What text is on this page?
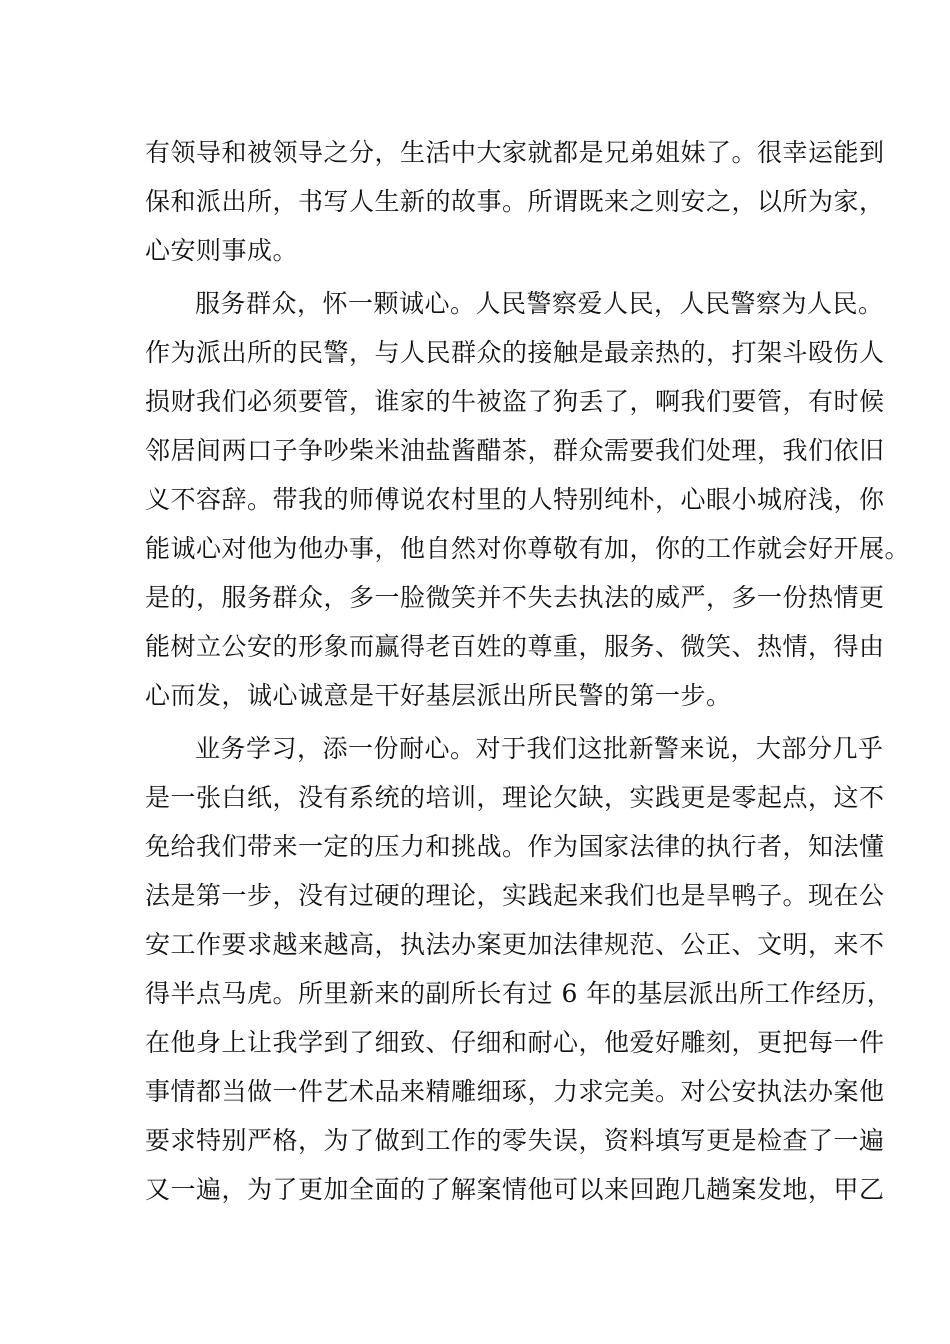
有领导和被领导之分，生活中大家就都是兄弟姐妹了。很幸运能到
保和派出所，书写人生新的故事。所谓既来之则安之，以所为家，
心安则事成。
服务群众，怀一颗诚心。人民警察爱人民，人民警察为人民。
作为派出所的民警，与人民群众的接触是最亲热的，打架斗殴伤人
损财我们必须要管，谁家的牛被盗了狗丢了，啊我们要管，有时候
邻居间两口子争吵柴米油盐酱醋茶，群众需要我们处理，我们依旧
义不容辞。带我的师傅说农村里的人特别纯朴，心眼小城府浅，你
能诚心对他为他办事，他自然对你尊敬有加，你的工作就会好开展。
是的，服务群众，多一脸微笑并不失去执法的威严，多一份热情更
能树立公安的形象而赢得老百姓的尊重，服务、微笑、热情，得由
心而发，诚心诚意是干好基层派出所民警的第一步。
业务学习，添一份耐心。对于我们这批新警来说，大部分几乎
是一张白纸，没有系统的培训，理论欠缺，实践更是零起点，这不
免给我们带来一定的压力和挑战。作为国家法律的执行者，知法懂
法是第一步，没有过硬的理论，实践起来我们也是旱鸭子。现在公
安工作要求越来越高，执法办案更加法律规范、公正、文明，来不
得半点马虎。所里新来的副所长有过 6 年的基层派出所工作经历，
在他身上让我学到了细致、仔细和耐心，他爱好雕刻，更把每一件
事情都当做一件艺术品来精雕细琢，力求完美。对公安执法办案他
要求特别严格，为了做到工作的零失误，资料填写更是检查了一遍
又一遍，为了更加全面的了解案情他可以来回跑几趟案发地，甲乙
